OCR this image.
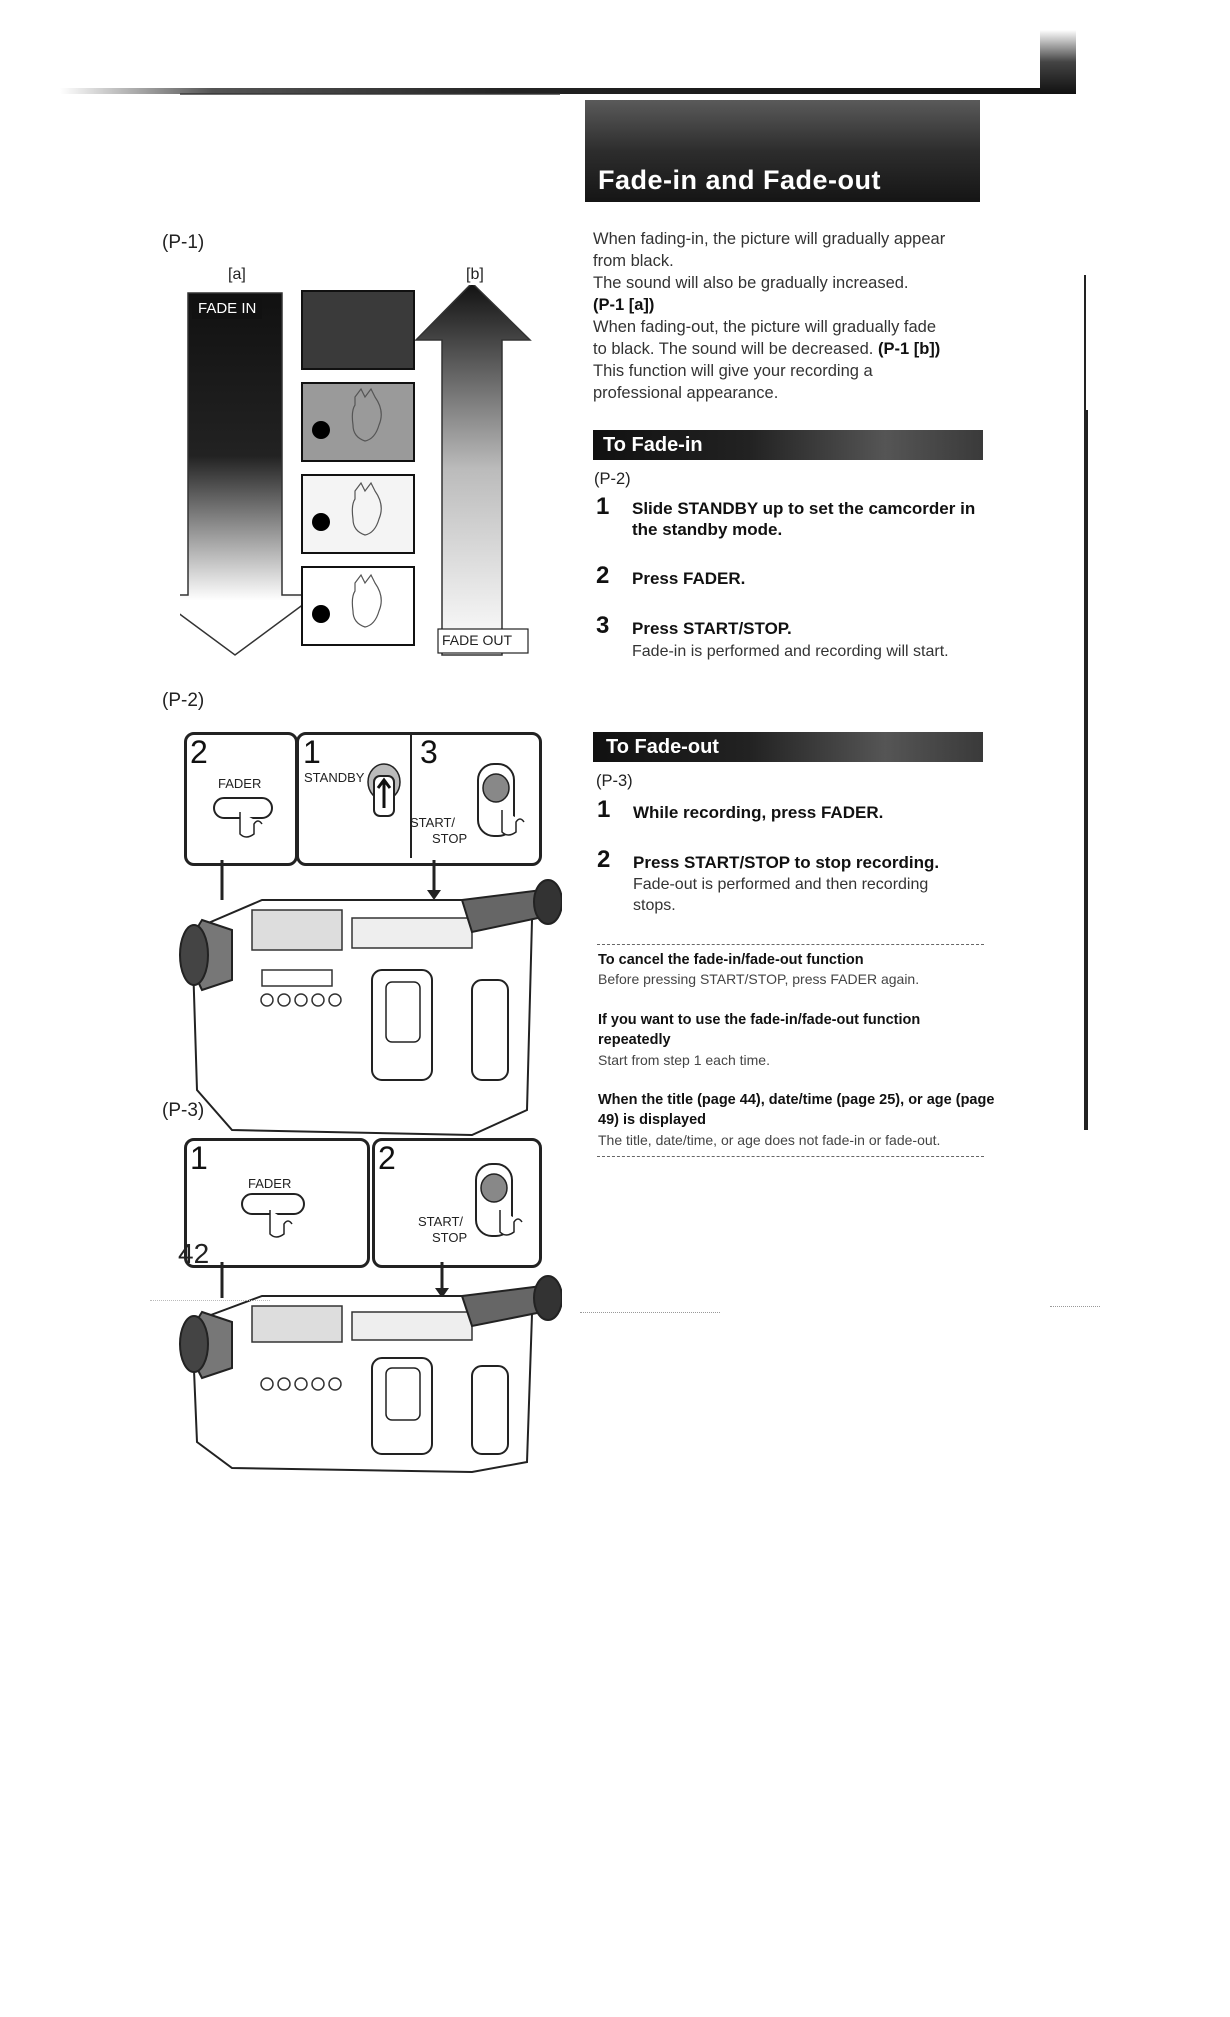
Fade-in and Fade-out
(P-1)
[a]	[b]
FADE IN
FADE OUT
(P-2)
2
FADER
1
STANDBY
3
START/
STOP
(P-3)
1
FADER
2
START/
STOP
When fading-in, the picture will gradually appear
from black.
The sound will also be gradually increased.
(P-1 [a])
When fading-out, the picture will gradually fade
to black. The sound will be decreased. (P-1 [b])
This function will give your recording a
professional appearance.
To Fade-in
(P-2)
1 Slide STANDBY up to set the camcorder in the standby mode.
2 Press FADER.
3 Press START/STOP.
Fade-in is performed and recording will start.
To Fade-out
(P-3)
1 While recording, press FADER.
2 Press START/STOP to stop recording.
Fade-out is performed and then recording stops.
To cancel the fade-in/fade-out function
Before pressing START/STOP, press FADER again.
If you want to use the fade-in/fade-out function repeatedly
Start from step 1 each time.
When the title (page 44), date/time (page 25), or age (page 49) is displayed
The title, date/time, or age does not fade-in or fade-out.
42
